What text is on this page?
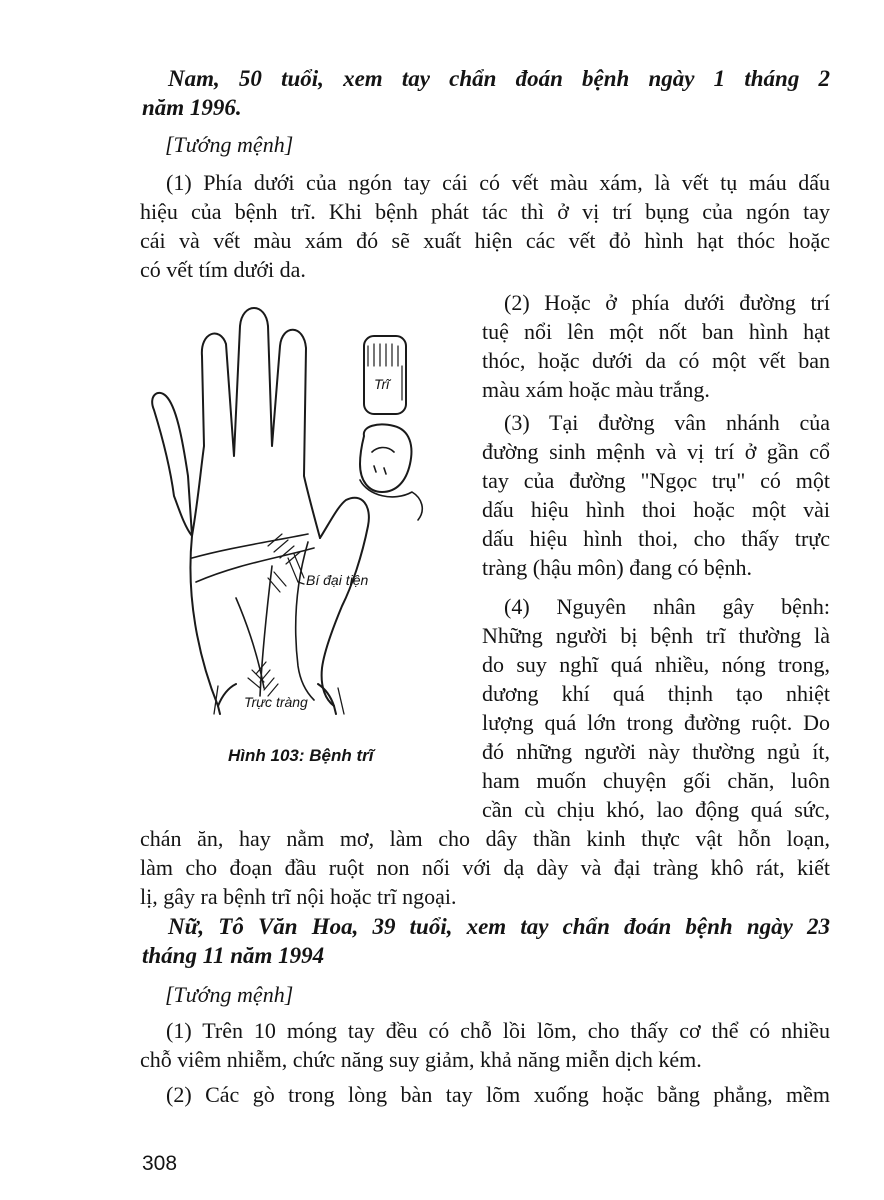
Nam, 50 tuổi, xem tay chẩn đoán bệnh ngày 1 tháng 2
năm 1996.
[Tướng mệnh]
(1) Phía dưới của ngón tay cái có vết màu xám, là vết tụ máu dấu
hiệu của bệnh trĩ. Khi bệnh phát tác thì ở vị trí bụng của ngón tay
cái và vết màu xám đó sẽ xuất hiện các vết đỏ hình hạt thóc hoặc
có vết tím dưới da.
(2) Hoặc ở phía dưới đường trí
tuệ nổi lên một nốt ban hình hạt
thóc, hoặc dưới da có một vết ban
màu xám hoặc màu trắng.
(3) Tại đường vân nhánh của
đường sinh mệnh và vị trí ở gần cổ
tay của đường "Ngọc trụ" có một
dấu hiệu hình thoi hoặc một vài
dấu hiệu hình thoi, cho thấy trực
tràng (hậu môn) đang có bệnh.
(4) Nguyên nhân gây bệnh:
Những người bị bệnh trĩ thường là
do suy nghĩ quá nhiều, nóng trong,
dương khí quá thịnh tạo nhiệt
lượng quá lớn trong đường ruột. Do
đó những người này thường ngủ ít,
ham muốn chuyện gối chăn, luôn
cần cù chịu khó, lao động quá sức,
chán ăn, hay nằm mơ, làm cho dây thần kinh thực vật hỗn loạn,
làm cho đoạn đầu ruột non nối với dạ dày và đại tràng khô rát, kiết
lị, gây ra bệnh trĩ nội hoặc trĩ ngoại.
Trĩ
Bí đại tiện
Trực tràng
Hình 103: Bệnh trĩ
Nữ, Tô Văn Hoa, 39 tuổi, xem tay chẩn đoán bệnh ngày 23
tháng 11 năm 1994
[Tướng mệnh]
(1) Trên 10 móng tay đều có chỗ lồi lõm, cho thấy cơ thể có nhiều
chỗ viêm nhiễm, chức năng suy giảm, khả năng miễn dịch kém.
(2) Các gò trong lòng bàn tay lõm xuống hoặc bằng phẳng, mềm
308
